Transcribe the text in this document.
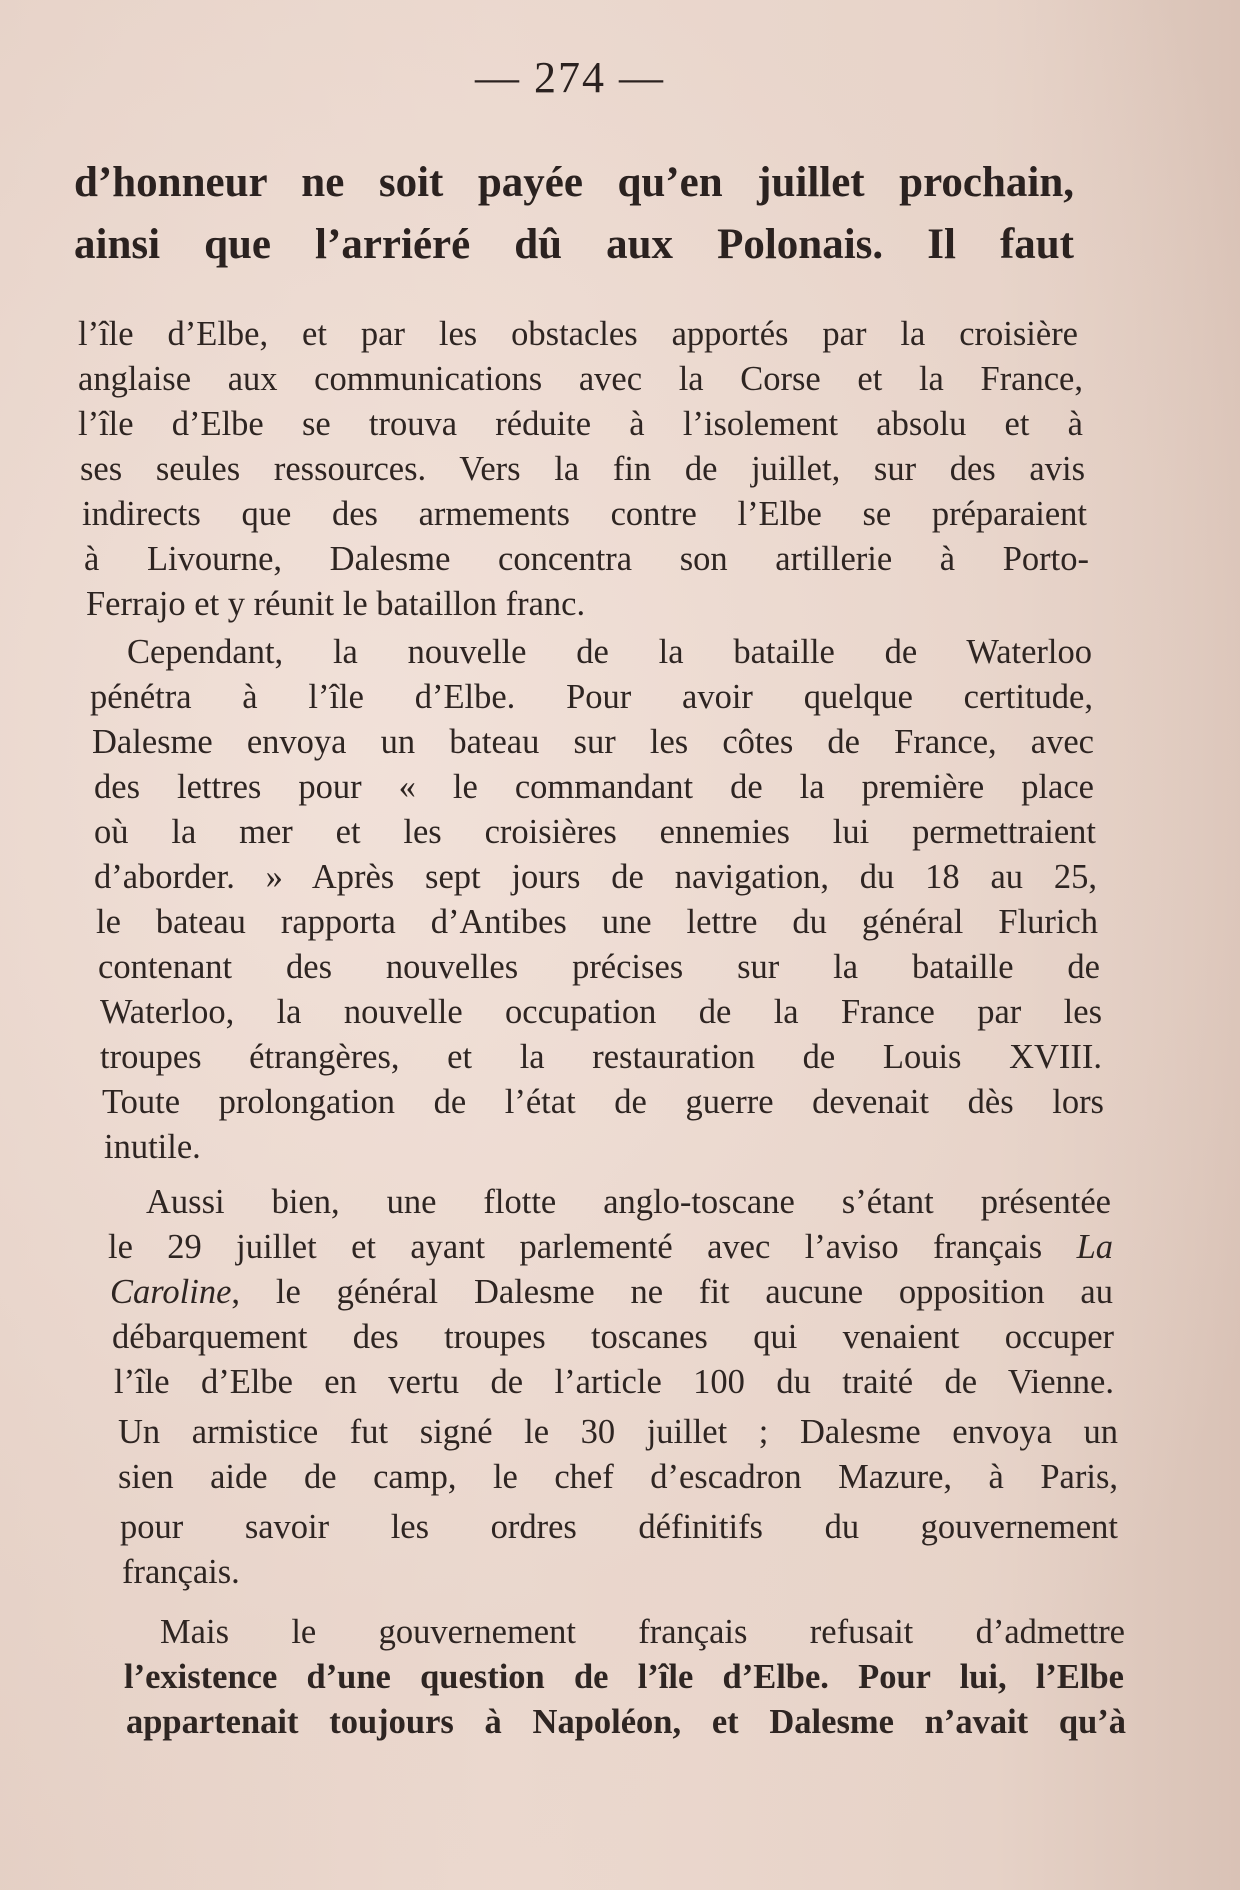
— 274 —
d’honneur ne soit payée qu’en juillet prochain,
ainsi que l’arriéré dû aux Polonais. Il faut
l’île d’Elbe, et par les obstacles apportés par la croisière
anglaise aux communications avec la Corse et la France,
l’île d’Elbe se trouva réduite à l’isolement absolu et à
ses seules ressources. Vers la fin de juillet, sur des avis
indirects que des armements contre l’Elbe se préparaient
à Livourne, Dalesme concentra son artillerie à Porto-
Ferrajo et y réunit le bataillon franc.
Cependant, la nouvelle de la bataille de Waterloo
pénétra à l’île d’Elbe. Pour avoir quelque certitude,
Dalesme envoya un bateau sur les côtes de France, avec
des lettres pour « le commandant de la première place
où la mer et les croisières ennemies lui permettraient
d’aborder. » Après sept jours de navigation, du 18 au 25,
le bateau rapporta d’Antibes une lettre du général Flurich
contenant des nouvelles précises sur la bataille de
Waterloo, la nouvelle occupation de la France par les
troupes étrangères, et la restauration de Louis XVIII.
Toute prolongation de l’état de guerre devenait dès lors
inutile.
Aussi bien, une flotte anglo-toscane s’étant présentée
le 29 juillet et ayant parlementé avec l’aviso français La
Caroline, le général Dalesme ne fit aucune opposition au
débarquement des troupes toscanes qui venaient occuper
l’île d’Elbe en vertu de l’article 100 du traité de Vienne.
Un armistice fut signé le 30 juillet ; Dalesme envoya un
sien aide de camp, le chef d’escadron Mazure, à Paris,
pour savoir les ordres définitifs du gouvernement
français.
Mais le gouvernement français refusait d’admettre
l’existence d’une question de l’île d’Elbe. Pour lui, l’Elbe
appartenait toujours à Napoléon, et Dalesme n’avait qu’à
